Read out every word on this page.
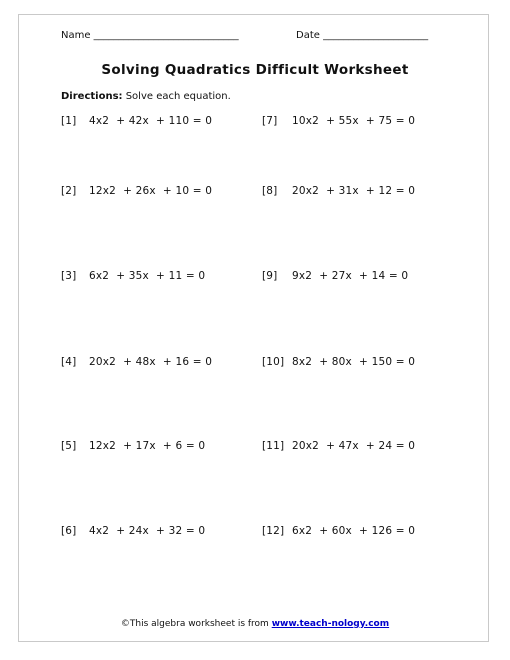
Name _____________________________	Date _____________________
Solving Quadratics Difficult Worksheet
Directions: Solve each equation.
[1] 4x2  + 42x  + 110 = 0
[2] 12x2  + 26x  + 10 = 0
[3] 6x2  + 35x  + 11 = 0
[4] 20x2  + 48x  + 16 = 0
[5] 12x2  + 17x  + 6 = 0
[6] 4x2  + 24x  + 32 = 0
[7] 10x2  + 55x  + 75 = 0
[8] 20x2  + 31x  + 12 = 0
[9] 9x2  + 27x  + 14 = 0
[10] 8x2  + 80x  + 150 = 0
[11] 20x2  + 47x  + 24 = 0
[12] 6x2  + 60x  + 126 = 0
©This algebra worksheet is from www.teach-nology.com
